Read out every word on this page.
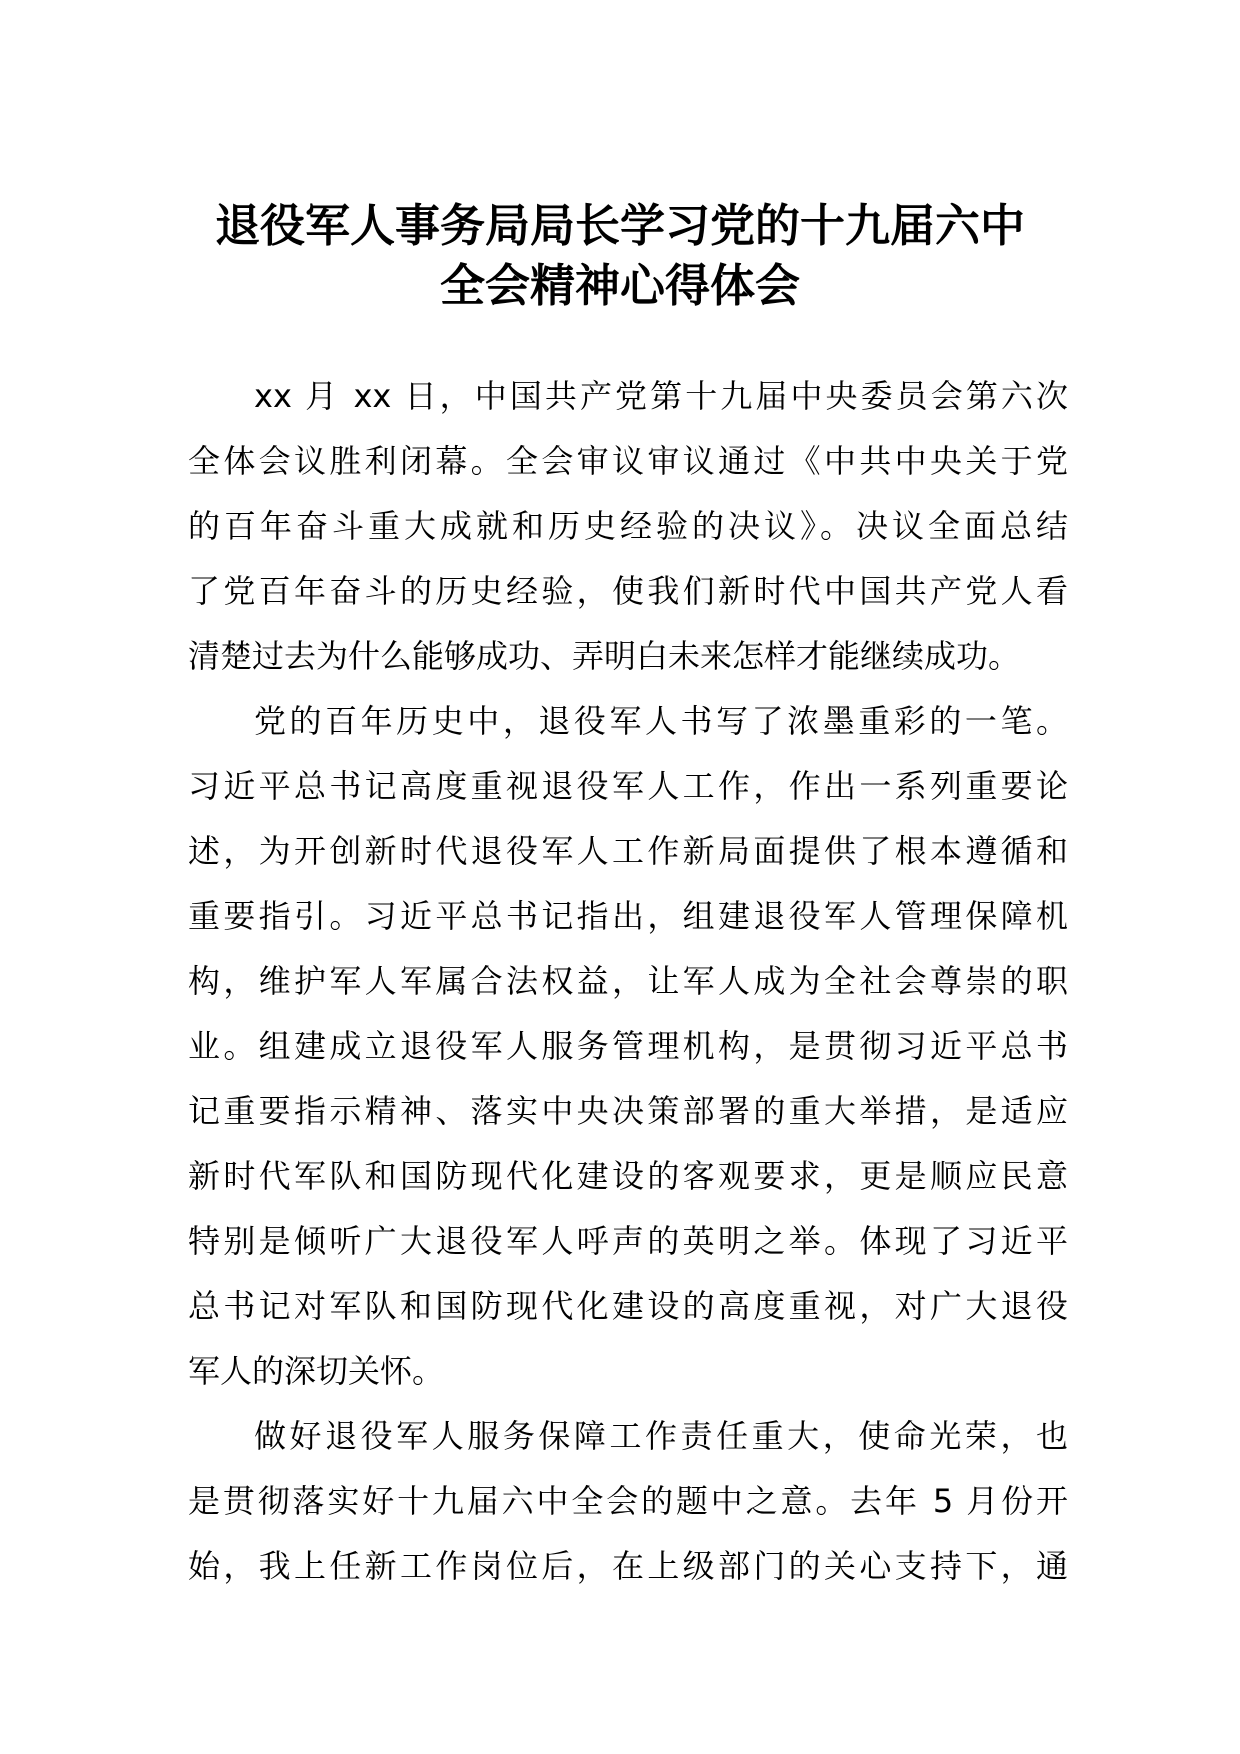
退役军人事务局局长学习党的十九届六中
全会精神心得体会
xx 月 xx 日，中国共产党第十九届中央委员会第六次
全体会议胜利闭幕。全会审议审议通过《中共中央关于党
的百年奋斗重大成就和历史经验的决议》。决议全面总结
了党百年奋斗的历史经验，使我们新时代中国共产党人看
清楚过去为什么能够成功、弄明白未来怎样才能继续成功。
党的百年历史中，退役军人书写了浓墨重彩的一笔。
习近平总书记高度重视退役军人工作，作出一系列重要论
述，为开创新时代退役军人工作新局面提供了根本遵循和
重要指引。习近平总书记指出，组建退役军人管理保障机
构，维护军人军属合法权益，让军人成为全社会尊崇的职
业。组建成立退役军人服务管理机构，是贯彻习近平总书
记重要指示精神、落实中央决策部署的重大举措，是适应
新时代军队和国防现代化建设的客观要求，更是顺应民意
特别是倾听广大退役军人呼声的英明之举。体现了习近平
总书记对军队和国防现代化建设的高度重视，对广大退役
军人的深切关怀。
做好退役军人服务保障工作责任重大，使命光荣，也
是贯彻落实好十九届六中全会的题中之意。去年 5 月份开
始，我上任新工作岗位后，在上级部门的关心支持下，通
